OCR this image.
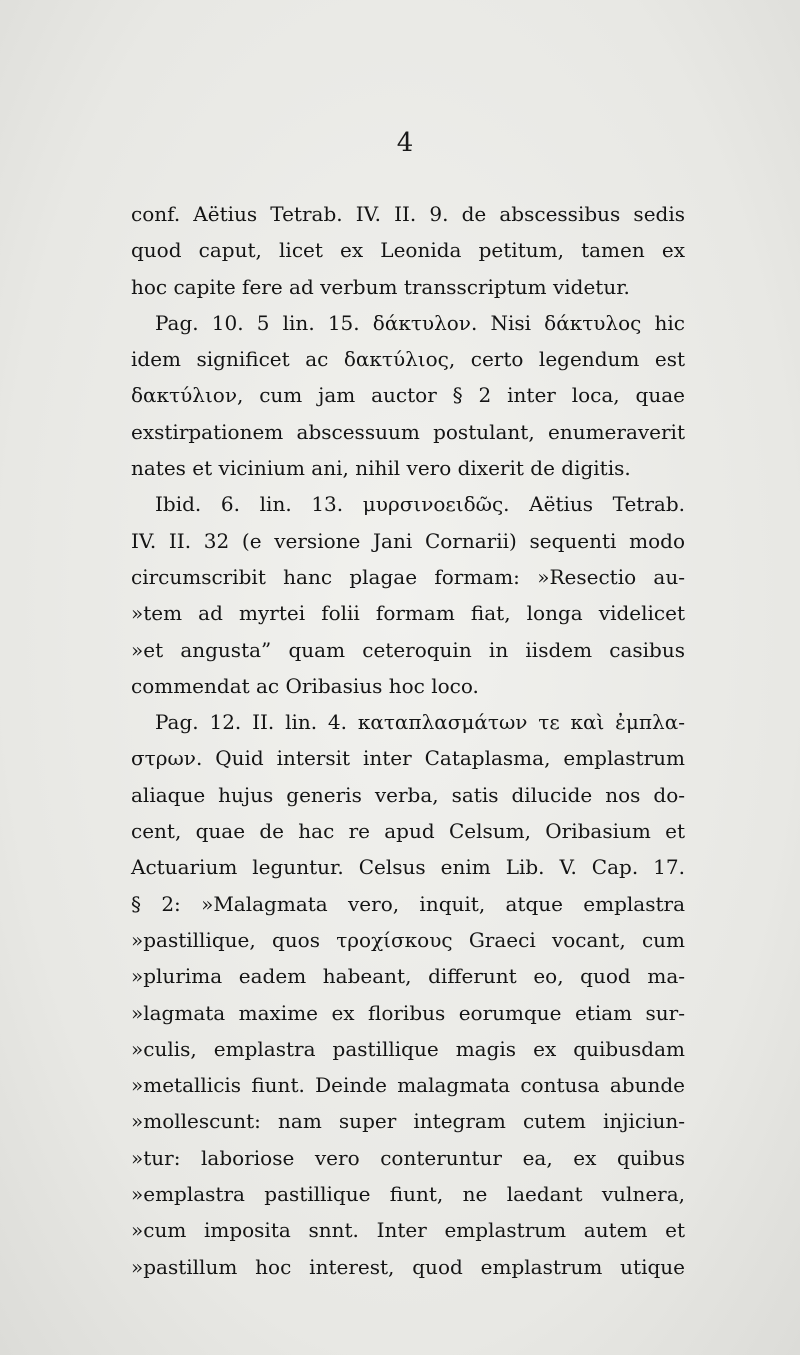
4
conf. Aëtius Tetrab. IV. II. 9. de abscessibus sedis
quod caput, licet ex Leonida petitum, tamen ex
hoc capite fere ad verbum transscriptum videtur.
Pag. 10. 5 lin. 15. δάκτυλον. Nisi δάκτυλος hic
idem significet ac δακτύλιος, certo legendum est
δακτύλιον, cum jam auctor § 2 inter loca, quae
exstirpationem abscessuum postulant, enumeraverit
nates et vicinium ani, nihil vero dixerit de digitis.
Ibid. 6. lin. 13. μυρσινοειδῶς. Aëtius Tetrab.
IV. II. 32 (e versione Jani Cornarii) sequenti modo
circumscribit hanc plagae formam: »Resectio au-
»tem ad myrtei folii formam fiat, longa videlicet
»et angusta” quam ceteroquin in iisdem casibus
commendat ac Oribasius hoc loco.
Pag. 12. II. lin. 4. καταπλασμάτων τε καὶ ἐμπλα-
στρων. Quid intersit inter Cataplasma, emplastrum
aliaque hujus generis verba, satis dilucide nos do-
cent, quae de hac re apud Celsum, Oribasium et
Actuarium leguntur. Celsus enim Lib. V. Cap. 17.
§ 2: »Malagmata vero, inquit, atque emplastra
»pastillique, quos τροχίσκους Graeci vocant, cum
»plurima eadem habeant, differunt eo, quod ma-
»lagmata maxime ex floribus eorumque etiam sur-
»culis, emplastra pastillique magis ex quibusdam
»metallicis fiunt. Deinde malagmata contusa abunde
»mollescunt: nam super integram cutem injiciun-
»tur: laboriose vero conteruntur ea, ex quibus
»emplastra pastillique fiunt, ne laedant vulnera,
»cum imposita snnt. Inter emplastrum autem et
»pastillum hoc interest, quod emplastrum utique
